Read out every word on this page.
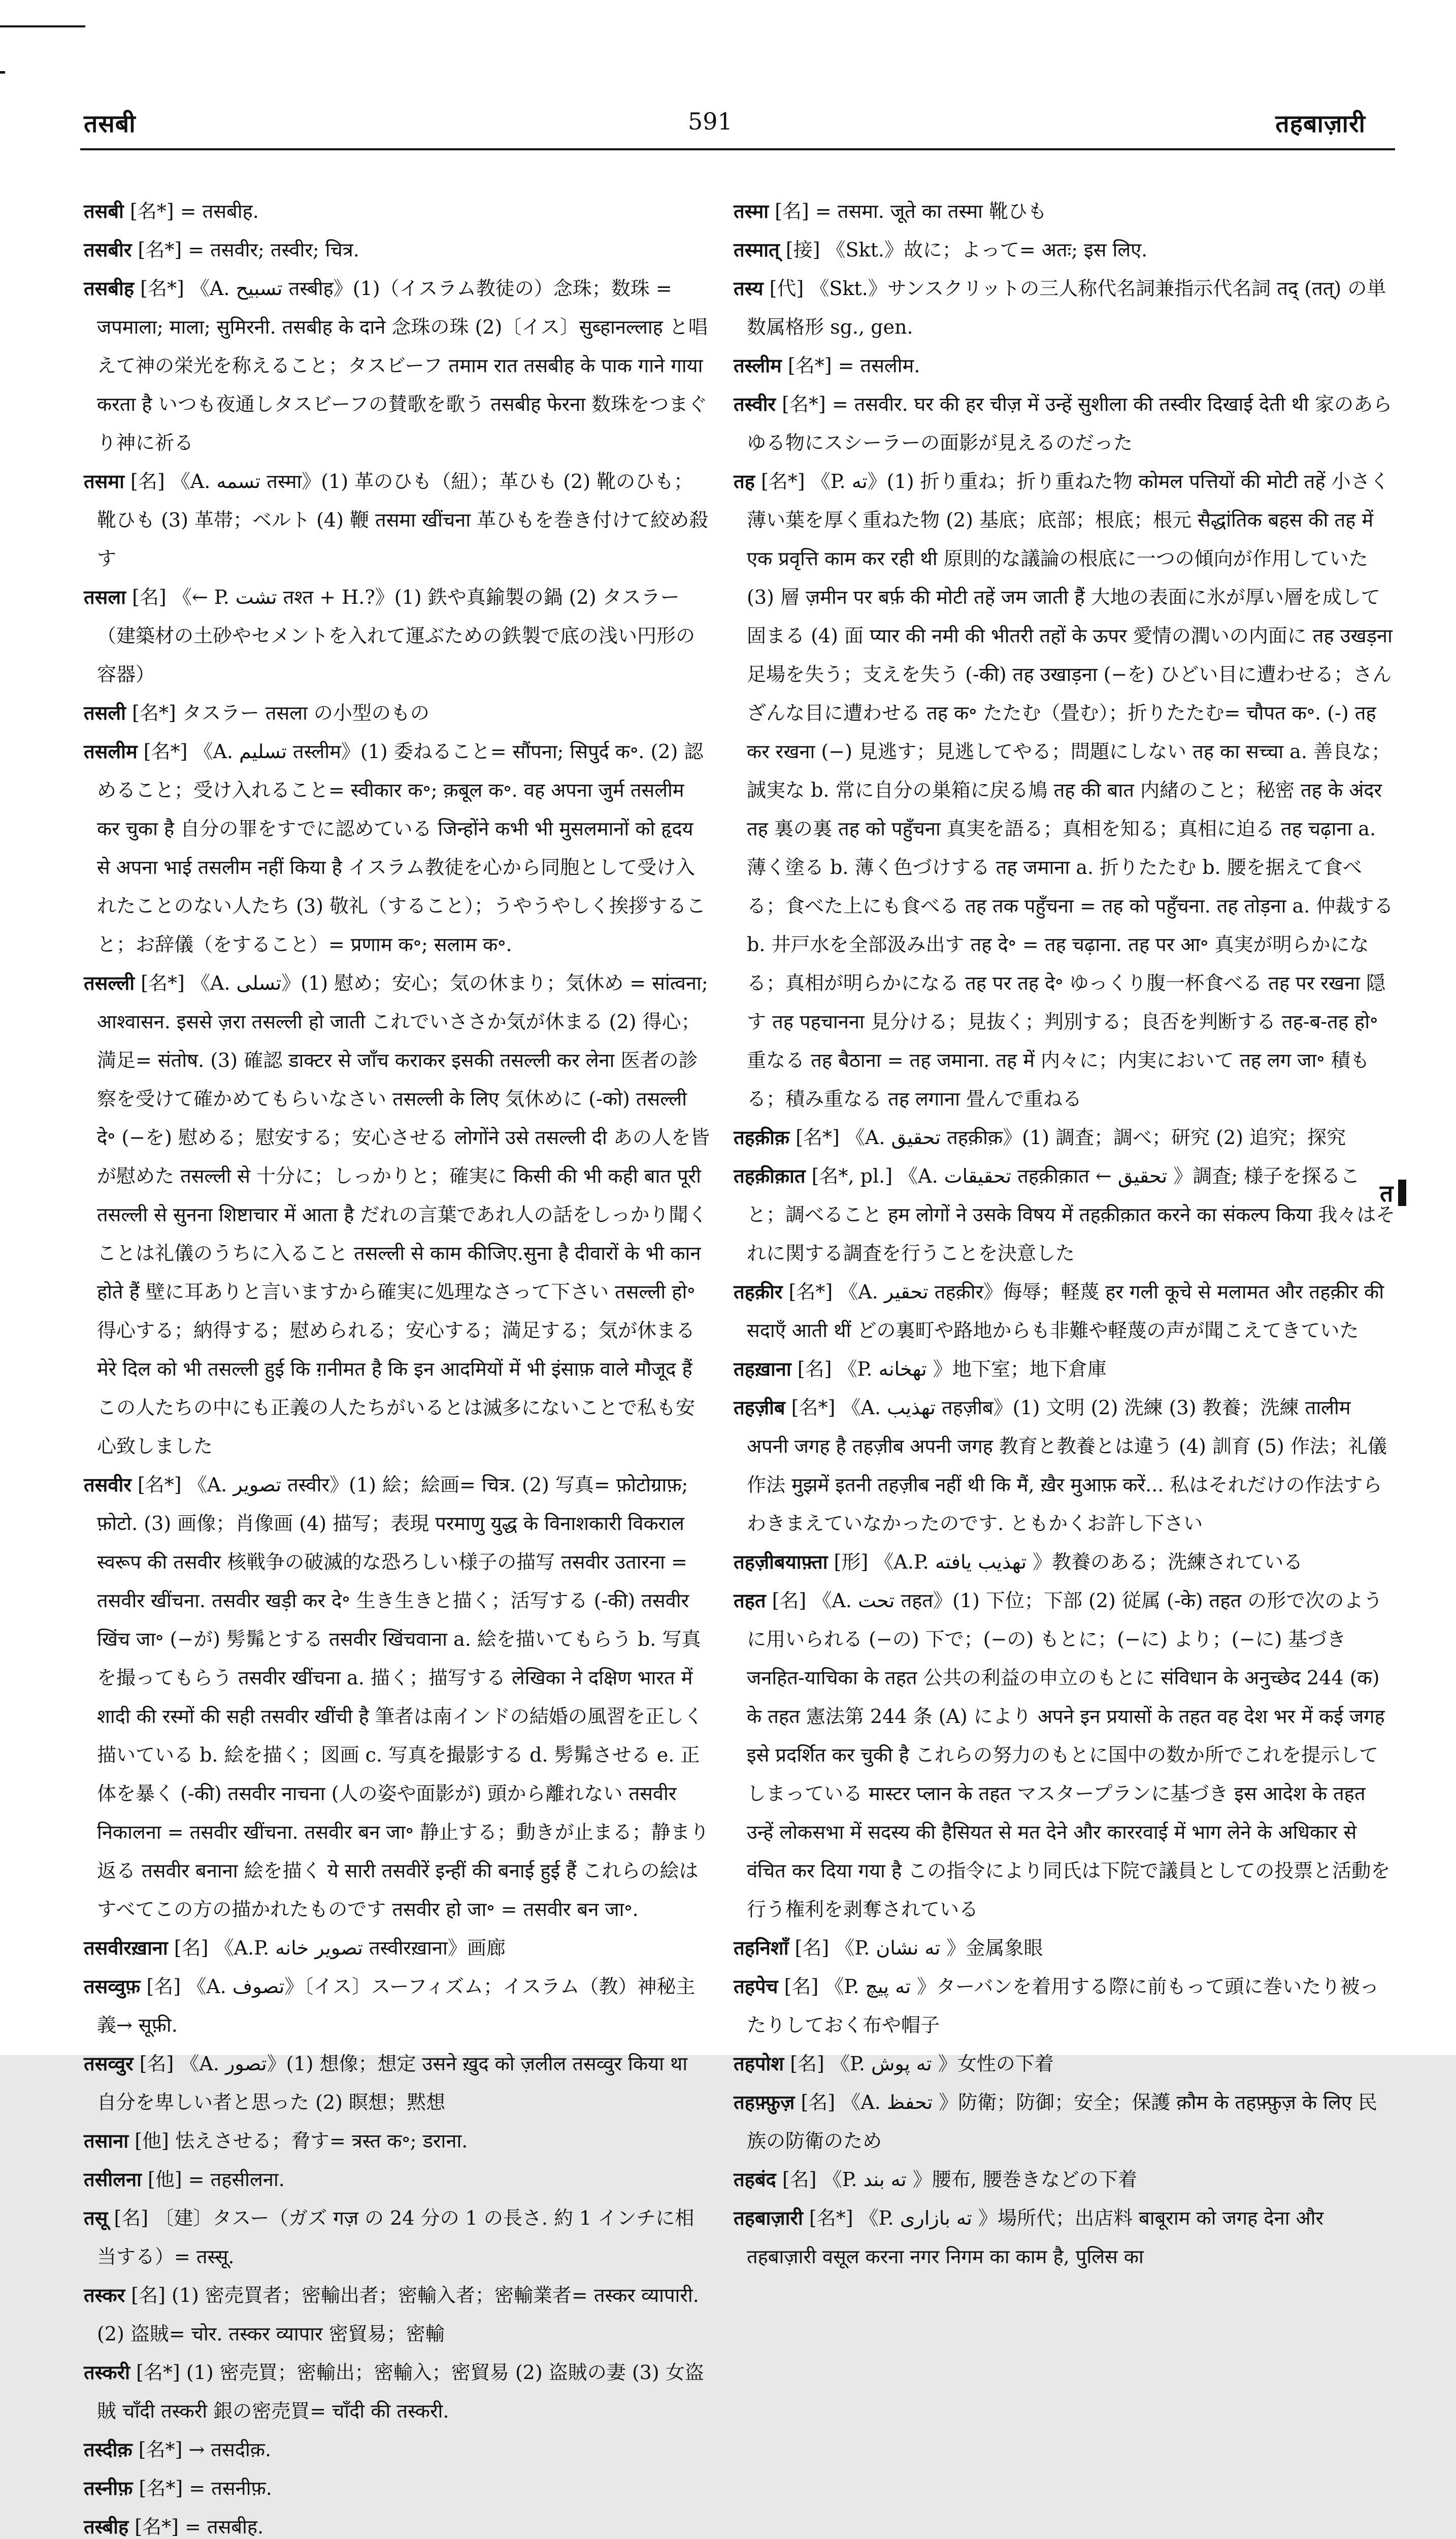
तसबी	591	तहबाज़ारी

तसबी [名*] = तसबीह.

तसबीर [名*] = तसवीर; तस्वीर; चित्र.

तसबीह [名*] 《A. تسبيح तस्बीह》(1)（イスラム教徒の）念珠；数珠 = जपमाला; माला; सुमिरनी. तसबीह के दाने 念珠の珠 (2)〔イス〕सुब्हानल्लाह と唱えて神の栄光を称えること；タスビーフ तमाम रात तसबीह के पाक गाने गाया करता है いつも夜通しタスビーフの賛歌を歌う तसबीह फेरना 数珠をつまぐり神に祈る

तसमा [名] 《A. تسمه तस्मा》(1) 革のひも（紐）；革ひも (2) 靴のひも；靴ひも (3) 革帯；ベルト (4) 鞭 तसमा खींचना 革ひもを巻き付けて絞め殺す

तसला [名] 《← P. تشت तश्त + H.?》(1) 鉄や真鍮製の鍋 (2) タスラー（建築材の土砂やセメントを入れて運ぶための鉄製で底の浅い円形の容器）

तसली [名*] タスラー तसला の小型のもの

तसलीम [名*] 《A. تسليم तस्लीम》(1) 委ねること= सौंपना; सिपुर्द क॰. (2) 認めること；受け入れること= स्वीकार क॰; क़बूल क॰. वह अपना जुर्म तसलीम कर चुका है 自分の罪をすでに認めている जिन्होंने कभी भी मुसलमानों को हृदय से अपना भाई तसलीम नहीं किया है イスラム教徒を心から同胞として受け入れたことのない人たち (3) 敬礼（すること）；うやうやしく挨拶すること；お辞儀（をすること）= प्रणाम क॰; सलाम क॰.

तसल्ली [名*] 《A. تسلى》(1) 慰め；安心；気の休まり；気休め = सांत्वना; आश्वासन. इससे ज़रा तसल्ली हो जाती これでいささか気が休まる (2) 得心；満足= संतोष. (3) 確認 डाक्टर से जाँच कराकर इसकी तसल्ली कर लेना 医者の診察を受けて確かめてもらいなさい तसल्ली के लिए 気休めに (-को) तसल्ली दे॰ (−を) 慰める；慰安する；安心させる लोगोंने उसे तसल्ली दी あの人を皆が慰めた तसल्ली से 十分に；しっかりと；確実に किसी की भी कही बात पूरी तसल्ली से सुनना शिष्टाचार में आता है だれの言葉であれ人の話をしっかり聞くことは礼儀のうちに入ること तसल्ली से काम कीजिए.सुना है दीवारों के भी कान होते हैं 壁に耳ありと言いますから確実に処理なさって下さい तसल्ली हो॰ 得心する；納得する；慰められる；安心する；満足する；気が休まる मेरे दिल को भी तसल्ली हुई कि ग़नीमत है कि इन आदमियों में भी इंसाफ़ वाले मौजूद हैं この人たちの中にも正義の人たちがいるとは滅多にないことで私も安心致しました

तसवीर [名*] 《A. تصوير तस्वीर》(1) 絵；絵画= चित्र. (2) 写真= फ़ोटोग्राफ़; फ़ोटो. (3) 画像；肖像画 (4) 描写；表現 परमाणु युद्ध के विनाशकारी विकराल स्वरूप की तसवीर 核戦争の破滅的な恐ろしい様子の描写 तसवीर उतारना = तसवीर खींचना. तसवीर खड़ी कर दे॰ 生き生きと描く；活写する (-की) तसवीर खिंच जा॰ (−が) 髣髴とする तसवीर खिंचवाना a. 絵を描いてもらう b. 写真を撮ってもらう तसवीर खींचना a. 描く；描写する लेखिका ने दक्षिण भारत में शादी की रस्मों की सही तसवीर खींची है 筆者は南インドの結婚の風習を正しく描いている b. 絵を描く；図画 c. 写真を撮影する d. 髣髴させる e. 正体を暴く (-की) तसवीर नाचना (人の姿や面影が) 頭から離れない तसवीर निकालना = तसवीर खींचना. तसवीर बन जा॰ 静止する；動きが止まる；静まり返る तसवीर बनाना 絵を描く ये सारी तसवीरें इन्हीं की बनाई हुई हैं これらの絵はすべてこの方の描かれたものです तसवीर हो जा॰ = तसवीर बन जा॰.

तसवीरख़ाना [名] 《A.P. تصوير خانه तस्वीरख़ाना》画廊

तसव्वुफ़ [名] 《A. تصوف》〔イス〕スーフィズム；イスラム（教）神秘主義→ सूफ़ी.

तसव्वुर [名] 《A. تصور》(1) 想像；想定 उसने ख़ुद को ज़लील तसव्वुर किया था 自分を卑しい者と思った (2) 瞑想；黙想

तसाना [他] 怯えさせる；脅す= त्रस्त क॰; डराना.

तसीलना [他] = तहसीलना.

तसू [名] 〔建〕タスー（ガズ गज़ の 24 分の 1 の長さ. 約 1 インチに相当する）= तस्सू.

तस्कर [名] (1) 密売買者；密輸出者；密輸入者；密輸業者= तस्कर व्यापारी. (2) 盗賊= चोर. तस्कर व्यापार 密貿易；密輸

तस्करी [名*] (1) 密売買；密輸出；密輸入；密貿易 (2) 盗賊の妻 (3) 女盗賊 चाँदी तस्करी 銀の密売買= चाँदी की तस्करी.

तस्दीक़ [名*] → तसदीक़.

तस्नीफ़ [名*] = तसनीफ़.

तस्बीह [名*] = तसबीह.

तस्मा [名] = तसमा. जूते का तस्मा 靴ひも

तस्मात् [接] 《Skt.》故に；よって= अतः; इस लिए.

तस्य [代] 《Skt.》サンスクリットの三人称代名詞兼指示代名詞 तद् (तत्) の単数属格形 sg., gen.

तस्लीम [名*] = तसलीम.

तस्वीर [名*] = तसवीर. घर की हर चीज़ में उन्हें सुशीला की तस्वीर दिखाई देती थी 家のあらゆる物にスシーラーの面影が見えるのだった

तह [名*] 《P. ته》(1) 折り重ね；折り重ねた物 कोमल पत्तियों की मोटी तहें 小さく薄い葉を厚く重ねた物 (2) 基底；底部；根底；根元 सैद्धांतिक बहस की तह में एक प्रवृत्ति काम कर रही थी 原則的な議論の根底に一つの傾向が作用していた (3) 層 ज़मीन पर बर्फ़ की मोटी तहें जम जाती हैं 大地の表面に氷が厚い層を成して固まる (4) 面 प्यार की नमी की भीतरी तहों के ऊपर 愛情の潤いの内面に तह उखड़ना 足場を失う；支えを失う (-की) तह उखाड़ना (−を) ひどい目に遭わせる；さんざんな目に遭わせる तह क॰ たたむ（畳む）；折りたたむ= चौपत क॰. (-) तह कर रखना (−) 見逃す；見逃してやる；問題にしない तह का सच्चा a. 善良な；誠実な b. 常に自分の巣箱に戻る鳩 तह की बात 内緒のこと；秘密 तह के अंदर तह 裏の裏 तह को पहुँचना 真実を語る；真相を知る；真相に迫る तह चढ़ाना a. 薄く塗る b. 薄く色づけする तह जमाना a. 折りたたむ b. 腰を据えて食べる；食べた上にも食べる तह तक पहुँचना = तह को पहुँचना. तह तोड़ना a. 仲裁する b. 井戸水を全部汲み出す तह दे॰ = तह चढ़ाना. तह पर आ॰ 真実が明らかになる；真相が明らかになる तह पर तह दे॰ ゆっくり腹一杯食べる तह पर रखना 隠す तह पहचानना 見分ける；見抜く；判別する；良否を判断する तह-ब-तह हो॰ 重なる तह बैठाना = तह जमाना. तह में 内々に；内実において तह लग जा॰ 積もる；積み重なる तह लगाना 畳んで重ねる

तहक़ीक़ [名*] 《A. تحقيق तहक़ीक़》(1) 調査；調べ；研究 (2) 追究；探究

तहक़ीक़ात [名*, pl.] 《A. تحقيقات तहक़ीक़ात ← تحقيق 》調査; 様子を探ること；調べること हम लोगों ने उसके विषय में तहक़ीक़ात करने का संकल्प किया 我々はそれに関する調査を行うことを決意した

तहक़ीर [名*] 《A. تحقير तहक़ीर》侮辱；軽蔑 हर गली कूचे से मलामत और तहक़ीर की सदाएँ आती थीं どの裏町や路地からも非難や軽蔑の声が聞こえてきていた

तहख़ाना [名] 《P. تهخانه 》地下室；地下倉庫

तहज़ीब [名*] 《A. تهذيب तहज़ीब》(1) 文明 (2) 洗練 (3) 教養；洗練 तालीम अपनी जगह है तहज़ीब अपनी जगह 教育と教養とは違う (4) 訓育 (5) 作法；礼儀作法 मुझमें इतनी तहज़ीब नहीं थी कि मैं, ख़ैर मुआफ़ करें... 私はそれだけの作法すらわきまえていなかったのです. ともかくお許し下さい

तहज़ीबयाफ़्ता [形] 《A.P. تهذيب يافته 》教養のある；洗練されている

तहत [名] 《A. تحت तहत》(1) 下位；下部 (2) 従属 (-के) तहत の形で次のように用いられる (−の) 下で；(−の) もとに；(−に) より；(−に) 基づき जनहित-याचिका के तहत 公共の利益の申立のもとに संविधान के अनुच्छेद 244 (क) के तहत 憲法第 244 条 (A) により अपने इन प्रयासों के तहत वह देश भर में कई जगह इसे प्रदर्शित कर चुकी है これらの努力のもとに国中の数か所でこれを提示してしまっている मास्टर प्लान के तहत マスタープランに基づき इस आदेश के तहत उन्हें लोकसभा में सदस्य की हैसियत से मत देने और काररवाई में भाग लेने के अधिकार से वंचित कर दिया गया है この指令により同氏は下院で議員としての投票と活動を行う権利を剥奪されている

तहनिशाँ [名] 《P. ته نشان 》金属象眼

तहपेच [名] 《P. ته پيچ 》ターバンを着用する際に前もって頭に巻いたり被ったりしておく布や帽子

तहपोश [名] 《P. ته پوش 》女性の下着

तहफ़्फ़ुज़ [名] 《A. تحفظ 》防衛；防御；安全；保護 क़ौम के तहफ़्फ़ुज़ के लिए 民族の防衛のため

तहबंद [名] 《P. ته بند 》腰布, 腰巻きなどの下着

तहबाज़ारी [名*] 《P. ته بازارى 》場所代；出店料 बाबूराम को जगह देना और तहबाज़ारी वसूल करना नगर निगम का काम है, पुलिस का

त
